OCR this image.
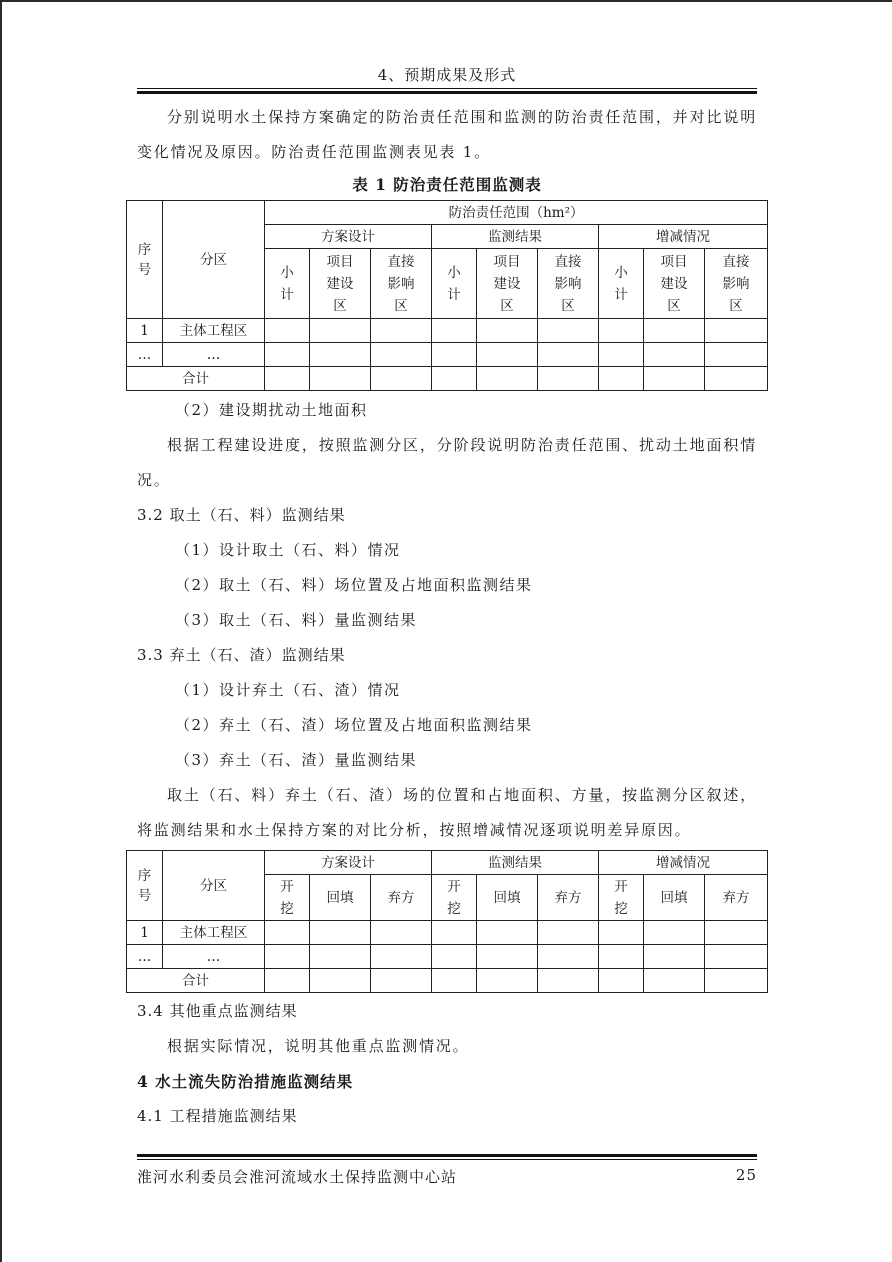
4、预期成果及形式

分别说明水土保持方案确定的防治责任范围和监测的防治责任范围，并对比说明变化情况及原因。防治责任范围监测表见表 1。

表 1 防治责任范围监测表
序号	分区	防治责任范围（hm²）								
		方案设计			监测结果			增减情况		

		小计	项目建设区	直接影响区	小计	项目建设区	直接影响区	小计	项目建设区	直接影响区

1	主体工程区									
…	…									
合计										
（2）建设期扰动土地面积

根据工程建设进度，按照监测分区，分阶段说明防治责任范围、扰动土地面积情况。

3.2 取土（石、料）监测结果
（1）设计取土（石、料）情况
（2）取土（石、料）场位置及占地面积监测结果
（3）取土（石、料）量监测结果
3.3 弃土（石、渣）监测结果
（1）设计弃土（石、渣）情况
（2）弃土（石、渣）场位置及占地面积监测结果
（3）弃土（石、渣）量监测结果

取土（石、料）弃土（石、渣）场的位置和占地面积、方量，按监测分区叙述，将监测结果和水土保持方案的对比分析，按照增减情况逐项说明差异原因。

序号	分区	方案设计			监测结果			增减情况		

		开挖	回填	弃方	开挖	回填	弃方	开挖	回填	弃方
1	主体工程区									
…	…									
合计										
3.4 其他重点监测结果

根据实际情况，说明其他重点监测情况。

4 水土流失防治措施监测结果
4.1 工程措施监测结果
淮河水利委员会淮河流域水土保持监测中心站	25
